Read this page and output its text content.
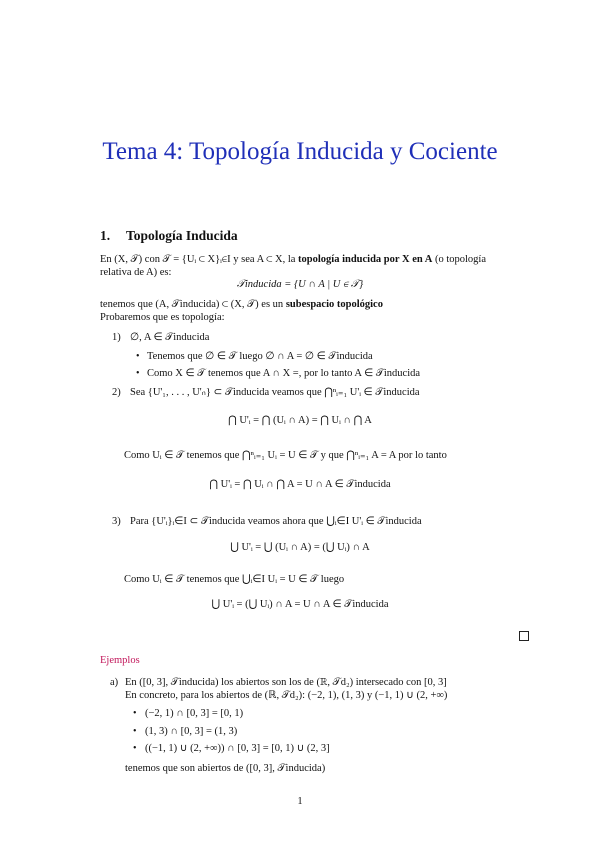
Tema 4: Topología Inducida y Cociente
1. Topología Inducida
En (X, 𝒯) con 𝒯 = {Uᵢ ⊂ X}ᵢ∈I y sea A ⊂ X, la topología inducida por X en A (o topología
relativa de A) es:
𝒯inducida = {U ∩ A | U ∈ 𝒯}
tenemos que (A, 𝒯inducida) ⊂ (X, 𝒯) es un subespacio topológico
Probaremos que es topología:
1) ∅, A ∈ 𝒯inducida
• Tenemos que ∅ ∈ 𝒯 luego ∅ ∩ A = ∅ ∈ 𝒯inducida
• Como X ∈ 𝒯 tenemos que A ∩ X =, por lo tanto A ∈ 𝒯inducida
2) Sea {U'₁, . . . , U'ₙ} ⊂ 𝒯inducida veamos que ⋂ⁿᵢ₌₁ U'ᵢ ∈ 𝒯inducida
⋂ U'ᵢ = ⋂ (Uᵢ ∩ A) = ⋂ Uᵢ ∩ ⋂ A
Como Uᵢ ∈ 𝒯 tenemos que ⋂ⁿᵢ₌₁ Uᵢ = U ∈ 𝒯 y que ⋂ⁿᵢ₌₁ A = A por lo tanto
⋂ U'ᵢ = ⋂ Uᵢ ∩ ⋂ A = U ∩ A ∈ 𝒯inducida
3) Para {U'ᵢ}ᵢ∈I ⊂ 𝒯inducida veamos ahora que ⋃ᵢ∈I U'ᵢ ∈ 𝒯inducida
⋃ U'ᵢ = ⋃ (Uᵢ ∩ A) = (⋃ Uᵢ) ∩ A
Como Uᵢ ∈ 𝒯 tenemos que ⋃ᵢ∈I Uᵢ = U ∈ 𝒯 luego
⋃ U'ᵢ = (⋃ Uᵢ) ∩ A = U ∩ A ∈ 𝒯inducida
Ejemplos
a) En ([0, 3], 𝒯inducida) los abiertos son los de (ℝ, 𝒯d₂) intersecado con [0, 3]
En concreto, para los abiertos de (ℝ, 𝒯d₂): (−2, 1), (1, 3) y (−1, 1) ∪ (2, +∞)
• (−2, 1) ∩ [0, 3] = [0, 1)
• (1, 3) ∩ [0, 3] = (1, 3)
• ((−1, 1) ∪ (2, +∞)) ∩ [0, 3] = [0, 1) ∪ (2, 3]
tenemos que son abiertos de ([0, 3], 𝒯inducida)
1
